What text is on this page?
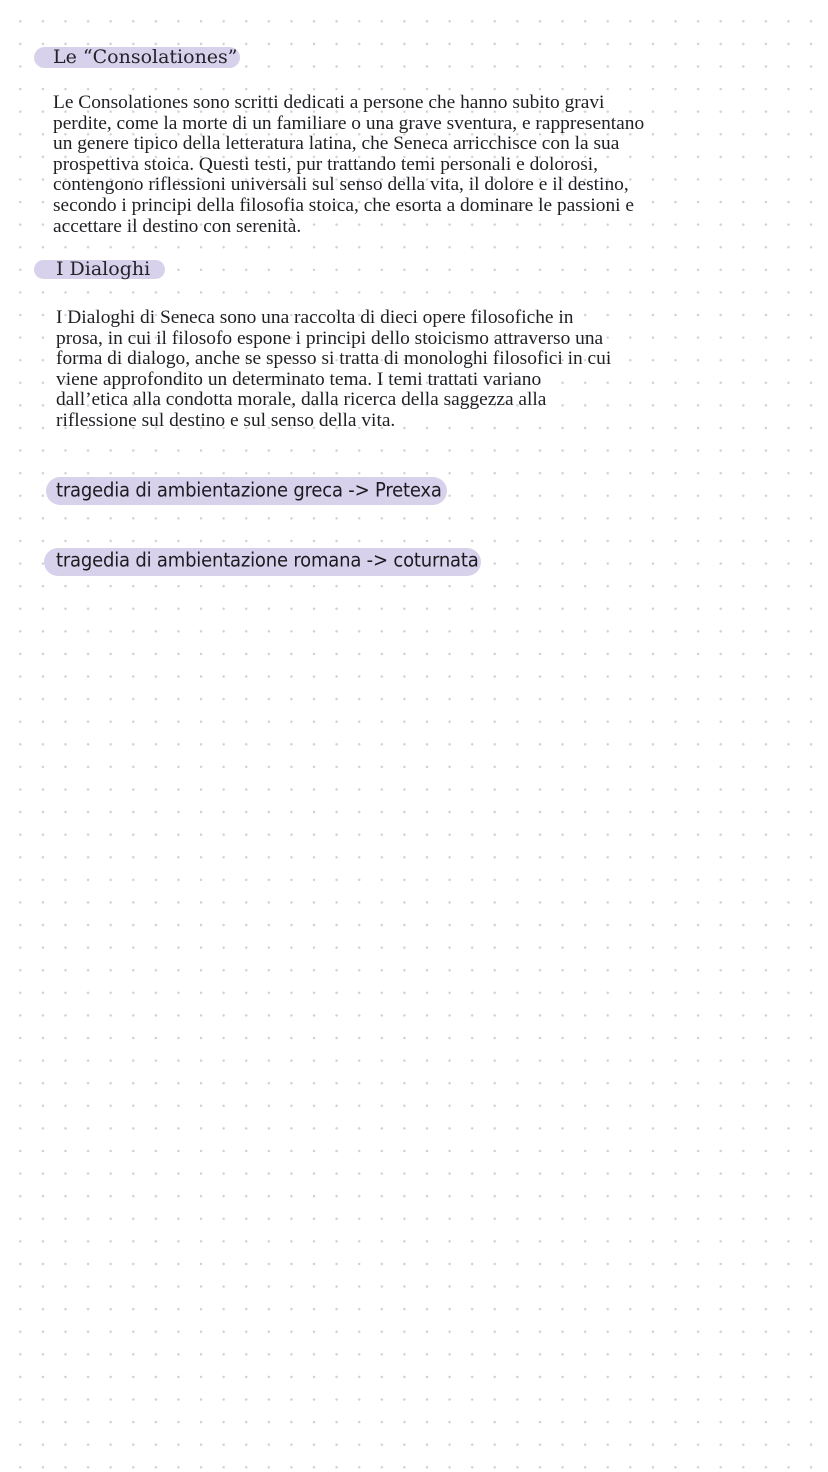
Le “Consolationes”
Le Consolationes sono scritti dedicati a persone che hanno subito gravi
perdite, come la morte di un familiare o una grave sventura, e rappresentano
un genere tipico della letteratura latina, che Seneca arricchisce con la sua
prospettiva stoica. Questi testi, pur trattando temi personali e dolorosi,
contengono riflessioni universali sul senso della vita, il dolore e il destino,
secondo i principi della filosofia stoica, che esorta a dominare le passioni e
accettare il destino con serenità.
I Dialoghi
I Dialoghi di Seneca sono una raccolta di dieci opere filosofiche in
prosa, in cui il filosofo espone i principi dello stoicismo attraverso una
forma di dialogo, anche se spesso si tratta di monologhi filosofici in cui
viene approfondito un determinato tema. I temi trattati variano
dall’etica alla condotta morale, dalla ricerca della saggezza alla
riflessione sul destino e sul senso della vita.
tragedia di ambientazione greca -> Pretexa
tragedia di ambientazione romana -> coturnata
